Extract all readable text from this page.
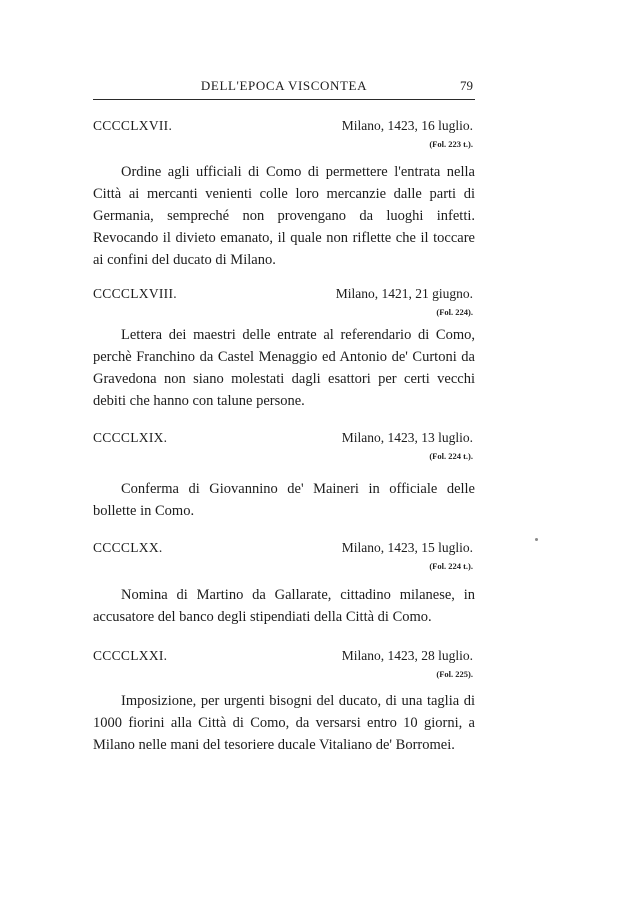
DELL'EPOCA VISCONTEA	79
CCCCLXVII.	Milano, 1423, 16 luglio.
(Fol. 223 t.).

Ordine agli ufficiali di Como di permettere l'entrata nella Città ai mercanti venienti colle loro mercanzie dalle parti di Germania, sempreché non provengano da luoghi infetti. Revocando il divieto emanato, il quale non riflette che il toccare ai confini del ducato di Milano.

CCCCLXVIII.	Milano, 1421, 21 giugno.
(Fol. 224).

Lettera dei maestri delle entrate al referendario di Como, perchè Franchino da Castel Menaggio ed Antonio de' Curtoni da Gravedona non siano molestati dagli esattori per certi vecchi debiti che hanno con talune persone.

CCCCLXIX.	Milano, 1423, 13 luglio.
(Fol. 224 t.).

Conferma di Giovannino de' Maineri in officiale delle bollette in Como.

CCCCLXX.	Milano, 1423, 15 luglio.
(Fol. 224 t.).

Nomina di Martino da Gallarate, cittadino milanese, in accusatore del banco degli stipendiati della Città di Como.

CCCCLXXI.	Milano, 1423, 28 luglio.
(Fol. 225).

Imposizione, per urgenti bisogni del ducato, di una taglia di 1000 fiorini alla Città di Como, da versarsi entro 10 giorni, a Milano nelle mani del tesoriere ducale Vitaliano de' Borromei.
